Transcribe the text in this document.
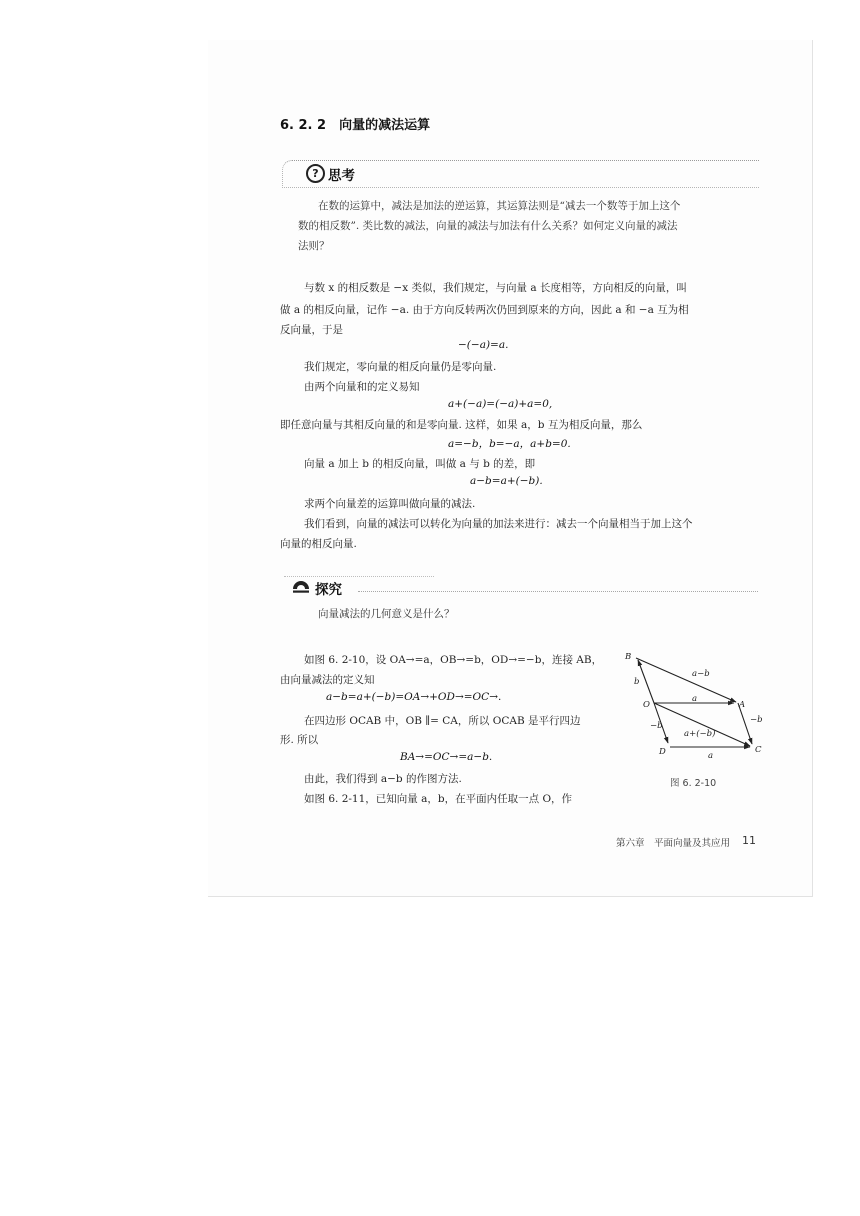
6. 2. 2　向量的减法运算
? 思考
在数的运算中，减法是加法的逆运算，其运算法则是“减去一个数等于加上这个
数的相反数”. 类比数的减法，向量的减法与加法有什么关系？如何定义向量的减法
法则？
与数 x 的相反数是 −x 类似，我们规定，与向量 a 长度相等，方向相反的向量，叫
做 a 的相反向量，记作 −a. 由于方向反转两次仍回到原来的方向，因此 a 和 −a 互为相
反向量，于是
−(−a)=a.
我们规定，零向量的相反向量仍是零向量.
由两个向量和的定义易知
a+(−a)=(−a)+a=0,
即任意向量与其相反向量的和是零向量. 这样，如果 a，b 互为相反向量，那么
a=−b，b=−a，a+b=0.
向量 a 加上 b 的相反向量，叫做 a 与 b 的差，即
a−b=a+(−b).
求两个向量差的运算叫做向量的减法.
我们看到，向量的减法可以转化为向量的加法来进行：减去一个向量相当于加上这个
向量的相反向量.
探究
向量减法的几何意义是什么？
如图 6. 2-10，设 OA→=a，OB→=b，OD→=−b，连接 AB，
由向量减法的定义知
a−b=a+(−b)=OA→+OD→=OC→.
在四边形 OCAB 中，OB ∥= CA，所以 OCAB 是平行四边
形. 所以
BA→=OC→=a−b.
由此，我们得到 a−b 的作图方法.
如图 6. 2-11，已知向量 a，b，在平面内任取一点 O，作
B
O	A
D	C
a−b
b
a
−b
−b
a+(−b)
a
图 6. 2-10
第六章　平面向量及其应用 11
